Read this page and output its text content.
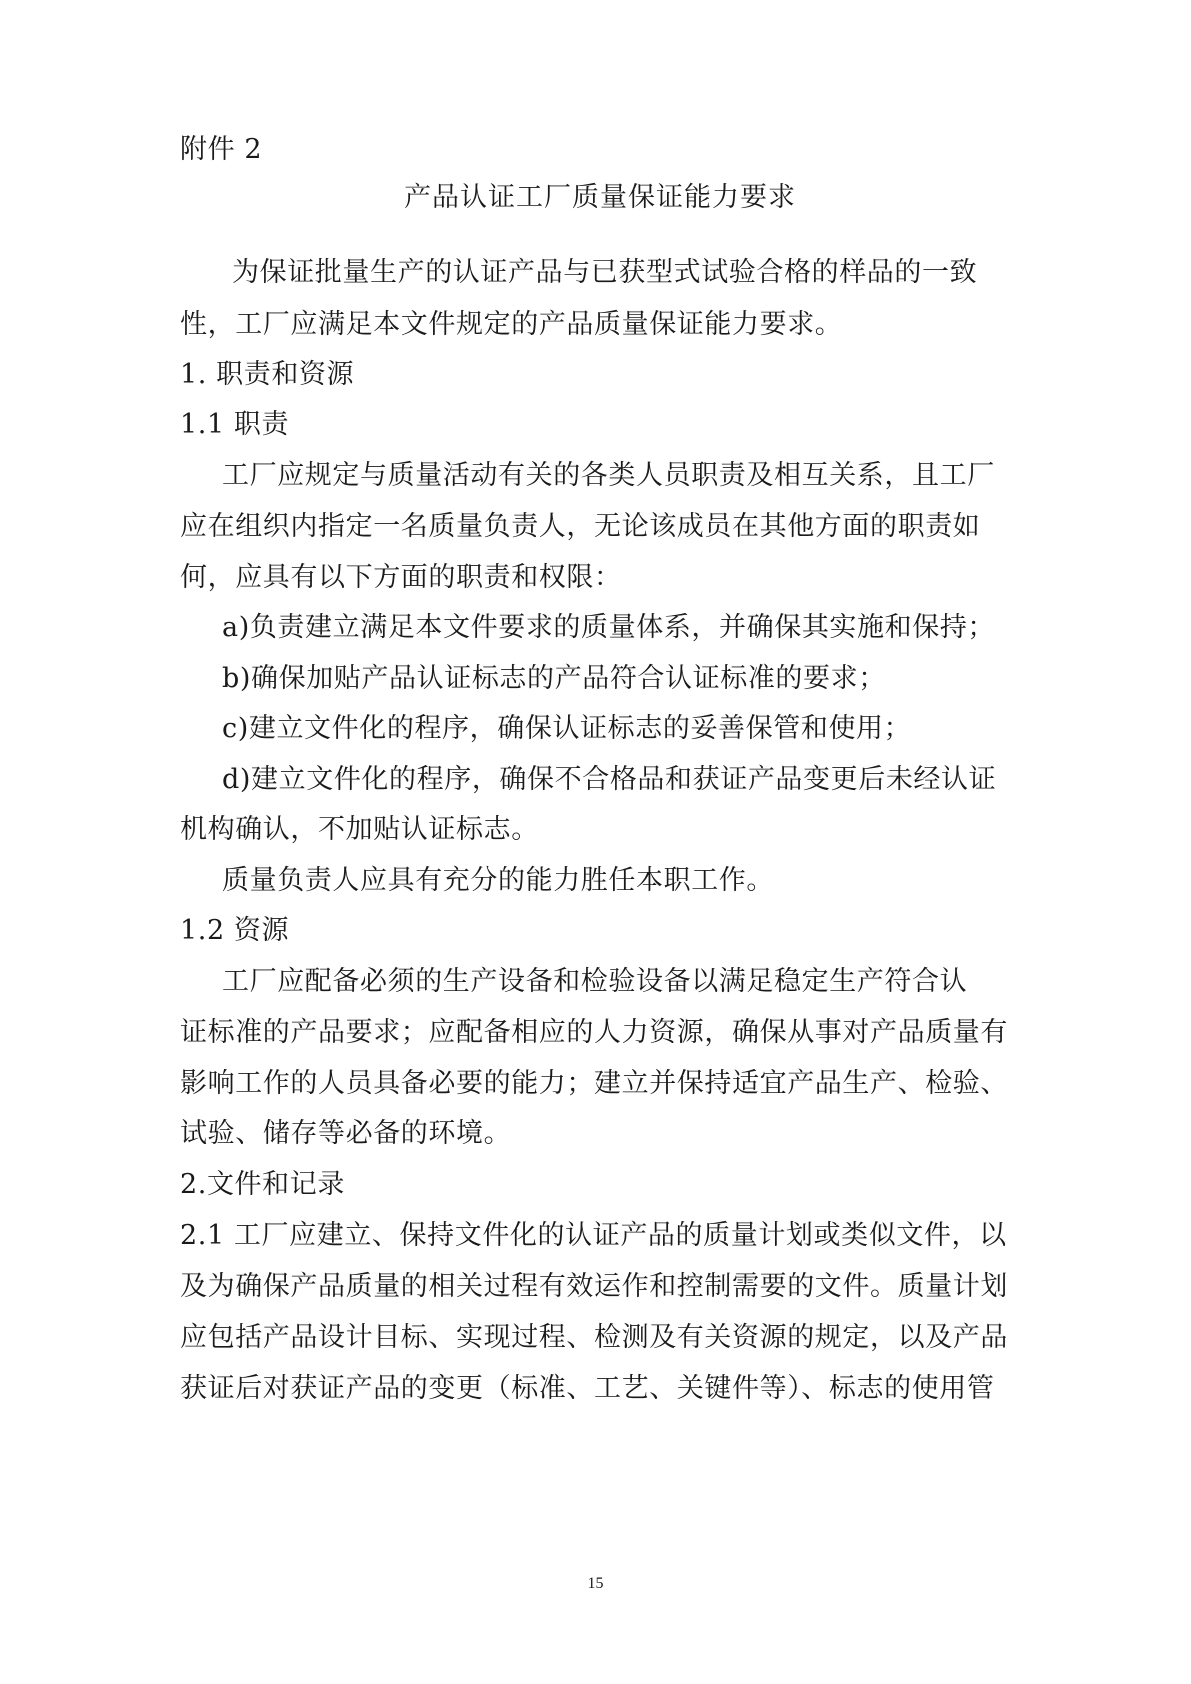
附件 2
产品认证工厂质量保证能力要求
为保证批量生产的认证产品与已获型式试验合格的样品的一致
性，工厂应满足本文件规定的产品质量保证能力要求。
1. 职责和资源
1.1 职责
工厂应规定与质量活动有关的各类人员职责及相互关系，且工厂
应在组织内指定一名质量负责人，无论该成员在其他方面的职责如
何，应具有以下方面的职责和权限：
a)负责建立满足本文件要求的质量体系，并确保其实施和保持；
b)确保加贴产品认证标志的产品符合认证标准的要求；
c)建立文件化的程序，确保认证标志的妥善保管和使用；
d)建立文件化的程序，确保不合格品和获证产品变更后未经认证
机构确认，不加贴认证标志。
质量负责人应具有充分的能力胜任本职工作。
1.2 资源
工厂应配备必须的生产设备和检验设备以满足稳定生产符合认
证标准的产品要求；应配备相应的人力资源，确保从事对产品质量有
影响工作的人员具备必要的能力；建立并保持适宜产品生产、检验、
试验、储存等必备的环境。
2.文件和记录
2.1 工厂应建立、保持文件化的认证产品的质量计划或类似文件，以
及为确保产品质量的相关过程有效运作和控制需要的文件。质量计划
应包括产品设计目标、实现过程、检测及有关资源的规定，以及产品
获证后对获证产品的变更（标准、工艺、关键件等）、标志的使用管
15
